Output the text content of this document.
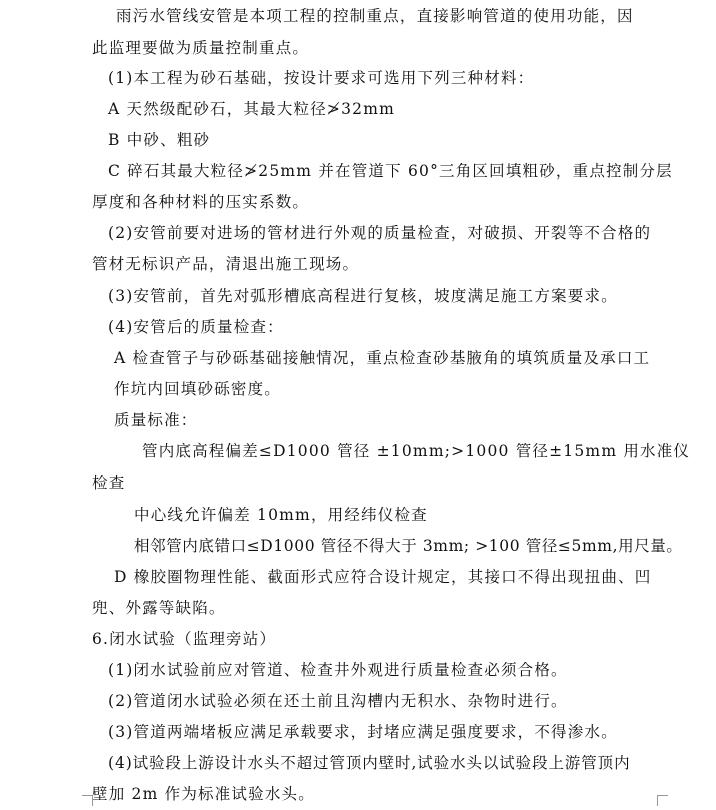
雨污水管线安管是本项工程的控制重点，直接影响管道的使用功能，因
此监理要做为质量控制重点。
(1)本工程为砂石基础，按设计要求可选用下列三种材料：
A 天然级配砂石，其最大粒径≯32mm
B 中砂、粗砂
C 碎石其最大粒径≯25mm 并在管道下 60°三角区回填粗砂，重点控制分层
厚度和各种材料的压实系数。
(2)安管前要对进场的管材进行外观的质量检查，对破损、开裂等不合格的
管材无标识产品，清退出施工现场。
(3)安管前，首先对弧形槽底高程进行复核，坡度满足施工方案要求。
(4)安管后的质量检查：
A 检查管子与砂砾基础接触情况，重点检查砂基腋角的填筑质量及承口工
作坑内回填砂砾密度。
质量标准：
管内底高程偏差≤D1000 管径 ±10mm;>1000 管径±15mm 用水准仪
检查
中心线允许偏差 10mm，用经纬仪检查
相邻管内底错口≤D1000 管径不得大于 3mm; >100 管径≤5mm,用尺量。
D 橡胶圈物理性能、截面形式应符合设计规定，其接口不得出现扭曲、凹
兜、外露等缺陷。
6.闭水试验（监理旁站）
(1)闭水试验前应对管道、检查井外观进行质量检查必须合格。
(2)管道闭水试验必须在还土前且沟槽内无积水、杂物时进行。
(3)管道两端堵板应满足承载要求，封堵应满足强度要求，不得渗水。
(4)试验段上游设计水头不超过管顶内壁时,试验水头以试验段上游管顶内
壁加 2m 作为标准试验水头。
